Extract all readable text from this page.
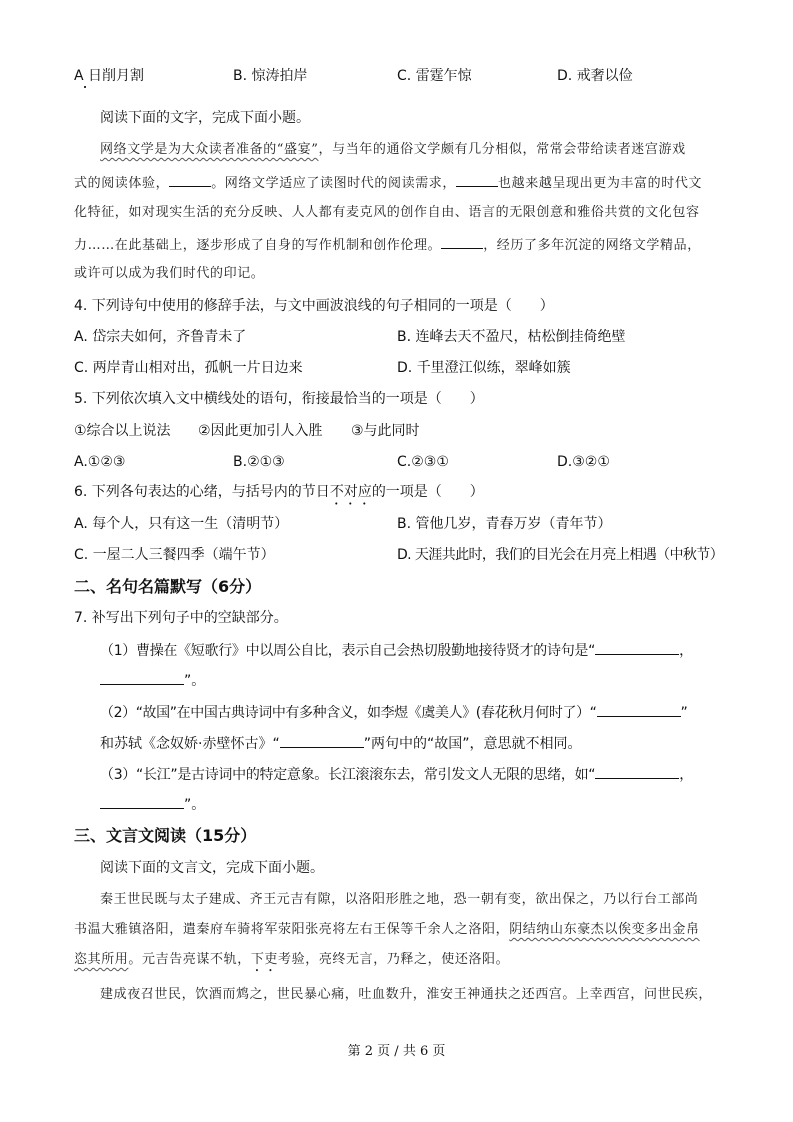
A 日削月割	B. 惊涛拍岸	C. 雷霆乍惊	D. 戒奢以俭
阅读下面的文字，完成下面小题。
网络文学是为大众读者准备的“盛宴”，与当年的通俗文学颇有几分相似，常常会带给读者迷宫游戏
式的阅读体验，	。网络文学适应了读图时代的阅读需求，	也越来越呈现出更为丰富的时代文
化特征，如对现实生活的充分反映、人人都有麦克风的创作自由、语言的无限创意和雅俗共赏的文化包容
力……在此基础上，逐步形成了自身的写作机制和创作伦理。	，经历了多年沉淀的网络文学精品，
或许可以成为我们时代的印记。
4. 下列诗句中使用的修辞手法，与文中画波浪线的句子相同的一项是（　　）
A. 岱宗夫如何，齐鲁青未了	B. 连峰去天不盈尺，枯松倒挂倚绝壁
C. 两岸青山相对出，孤帆一片日边来	D. 千里澄江似练，翠峰如簇
5. 下列依次填入文中横线处的语句，衔接最恰当的一项是（　　）
①综合以上说法 ②因此更加引人入胜 ③与此同时
A.①②③	B.②①③	C.②③①	D.③②①
6. 下列各句表达的心绪，与括号内的节日不对应的一项是（　　）
A. 每个人，只有这一生（清明节）	B. 管他几岁，青春万岁（青年节）
C. 一屋二人三餐四季（端午节）	D. 天涯共此时，我们的目光会在月亮上相遇（中秋节）
二、名句名篇默写（6分）
7. 补写出下列句子中的空缺部分。
（1）曹操在《短歌行》中以周公自比，表示自己会热切殷勤地接待贤才的诗句是“	，
”。
（2）“故国”在中国古典诗词中有多种含义，如李煜《虞美人》(春花秋月何时了）“	”
和苏轼《念奴娇·赤壁怀古》“	”两句中的“故国”，意思就不相同。
（3）“长江”是古诗词中的特定意象。长江滚滚东去，常引发文人无限的思绪，如“	，
”。
三、文言文阅读（15分）
阅读下面的文言文，完成下面小题。
秦王世民既与太子建成、齐王元吉有隙，以洛阳形胜之地，恐一朝有变，欲出保之，乃以行台工部尚
书温大雅镇洛阳，遣秦府车骑将军荥阳张亮将左右王保等千余人之洛阳，阴结纳山东豪杰以俟变多出金帛
恣其所用。元吉告亮谋不轨，下吏考验，亮终无言，乃释之，使还洛阳。
建成夜召世民，饮酒而鸩之，世民暴心痛，吐血数升，淮安王神通扶之还西宫。上幸西宫，问世民疾，
第 2 页 / 共 6 页
